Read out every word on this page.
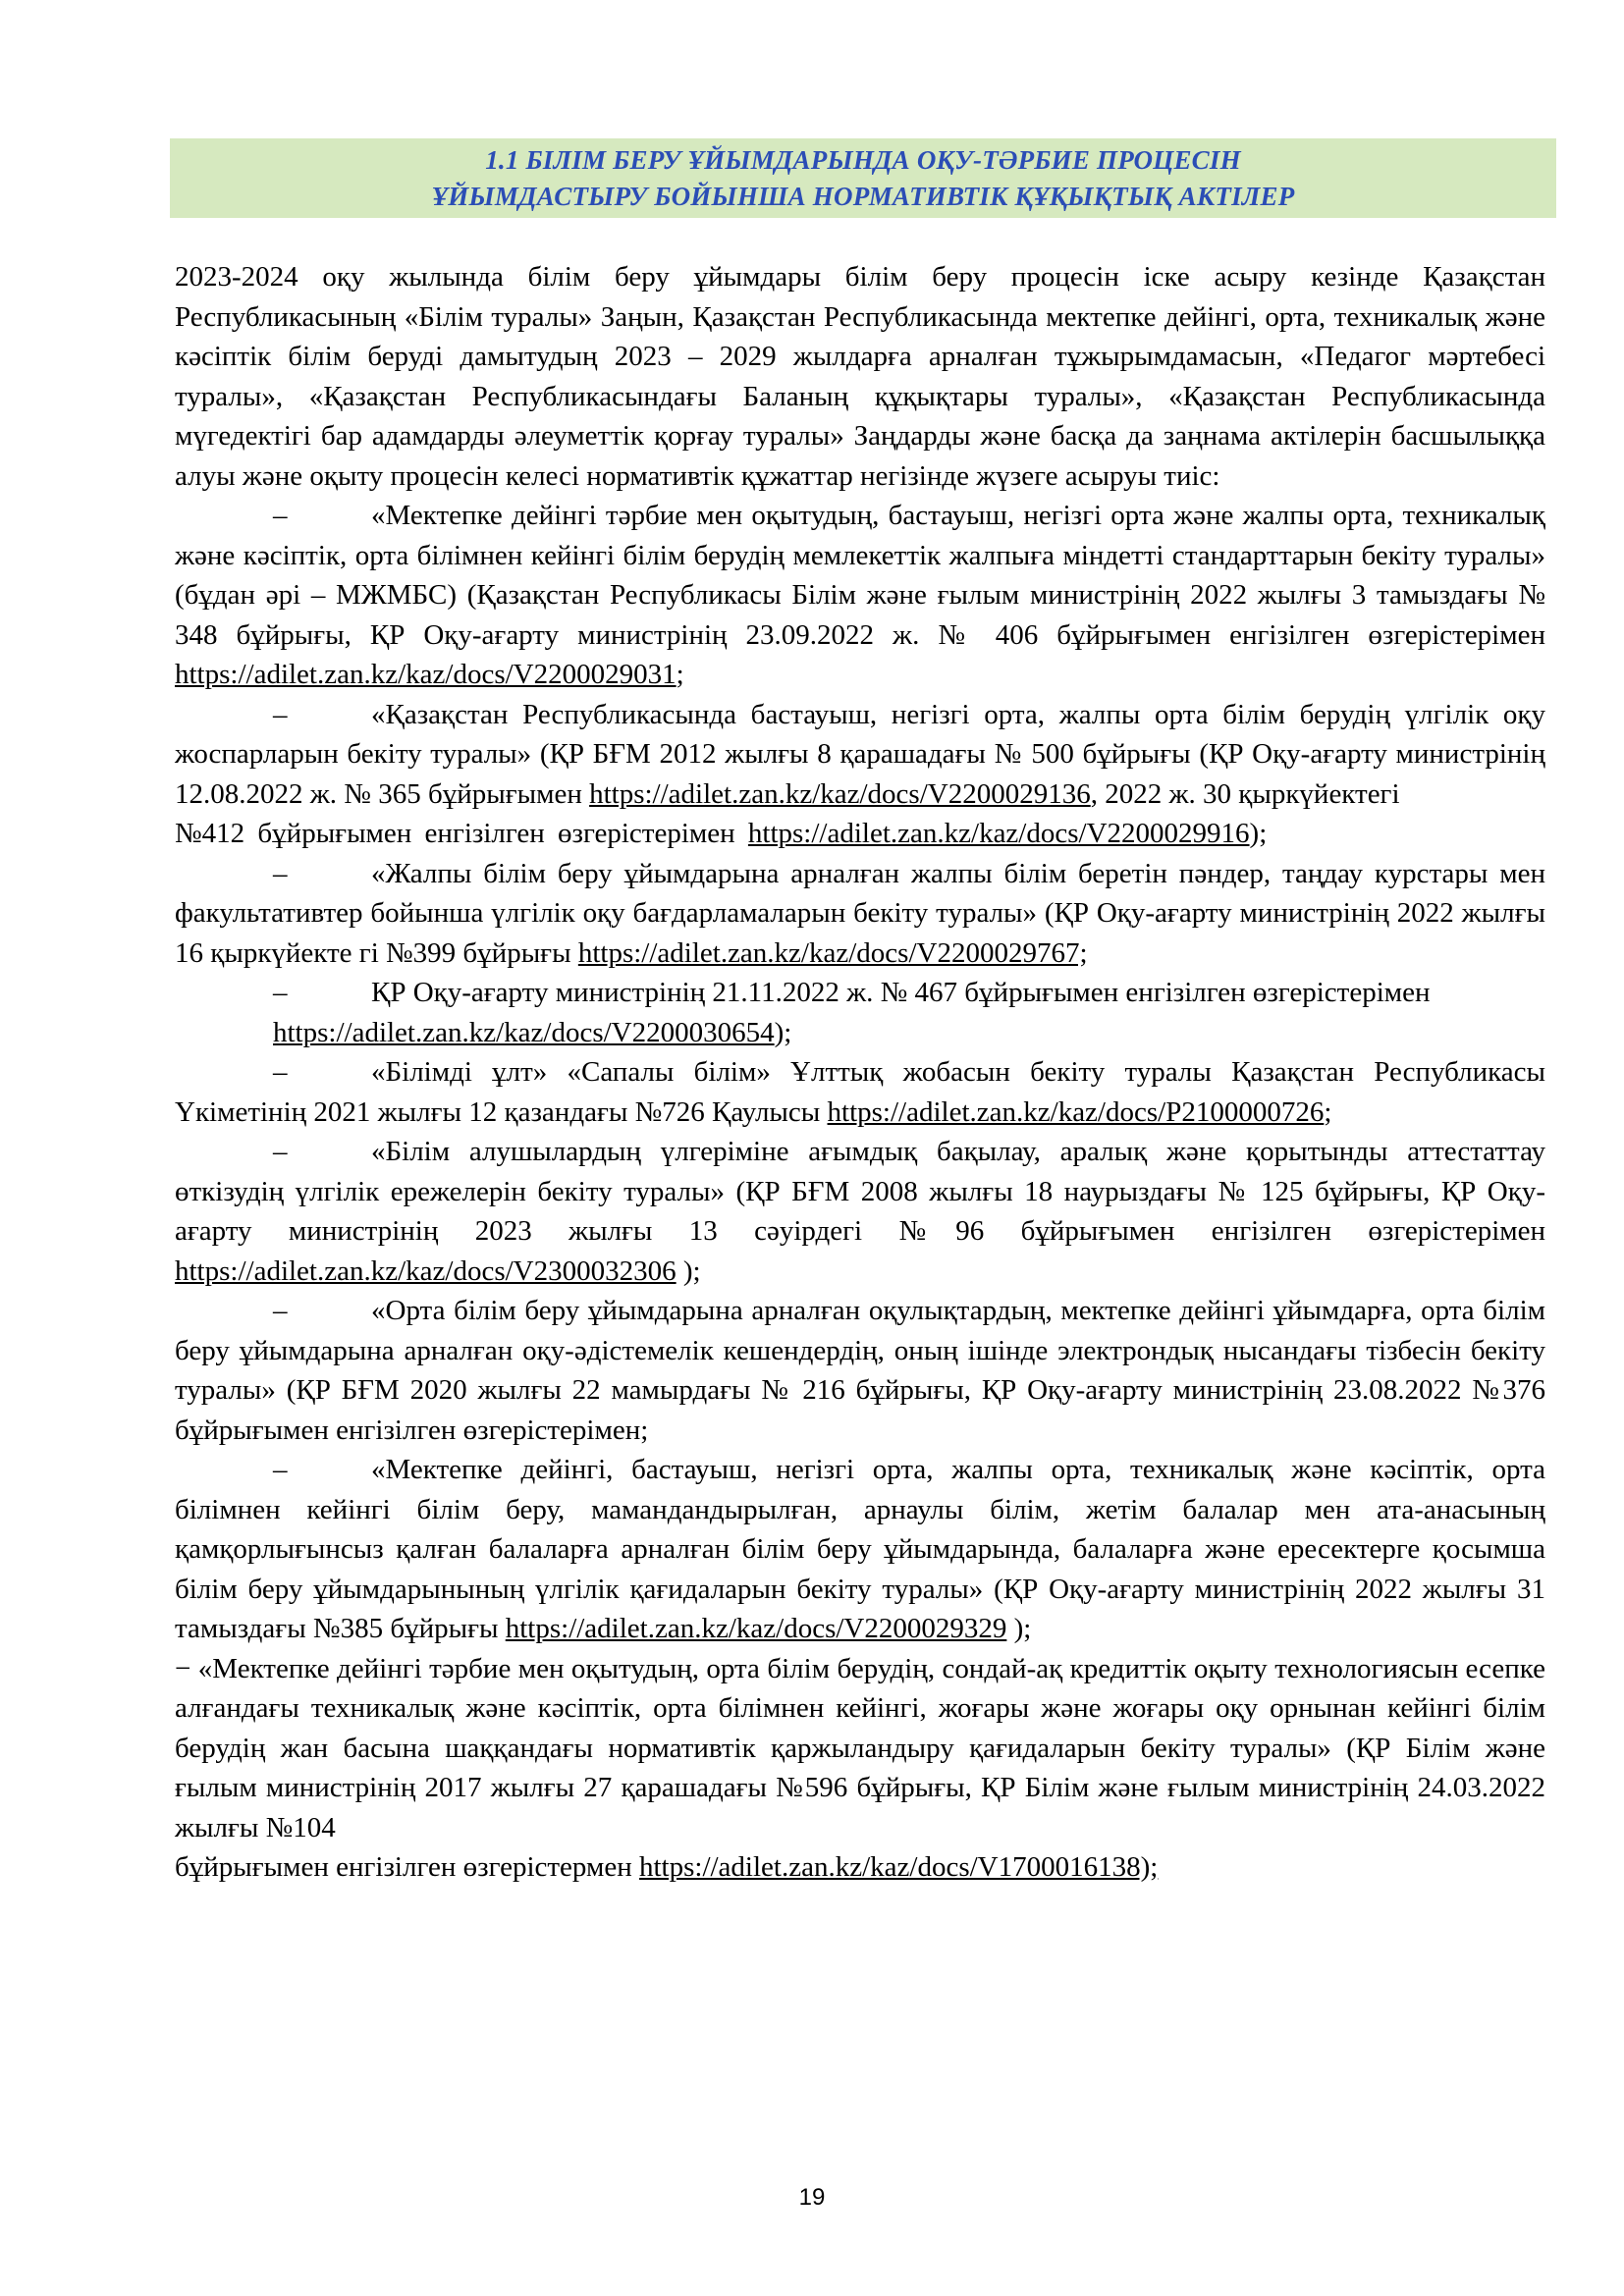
1.1 БІЛІМ БЕРУ ҰЙЫМДАРЫНДА ОҚУ-ТӘРБИЕ ПРОЦЕСІН
ҰЙЫМДАСТЫРУ БОЙЫНША НОРМАТИВТІК ҚҰҚЫҚТЫҚ АКТІЛЕР

2023-2024 оқу жылында білім беру ұйымдары білім беру процесін іске асыру кезінде Қазақстан Республикасының «Білім туралы» Заңын, Қазақстан Республикасында мектепке дейінгі, орта, техникалық және кәсіптік білім беруді дамытудың 2023 – 2029 жылдарға арналған тұжырымдамасын, «Педагог мәртебесі туралы», «Қазақстан Республикасындағы Баланың құқықтары туралы», «Қазақстан Республикасында мүгедектігі бар адамдарды әлеуметтік қорғау туралы» Заңдарды және басқа да заңнама актілерін басшылыққа алуы және оқыту процесін келесі нормативтік құжаттар негізінде жүзеге асыруы тиіс:

–	«Мектепке дейінгі тәрбие мен оқытудың, бастауыш, негізгі орта және жалпы орта, техникалық және кәсіптік, орта білімнен кейінгі білім берудің мемлекеттік жалпыға міндетті стандарттарын бекіту туралы» (бұдан әрі – МЖМБС) (Қазақстан Республикасы Білім және ғылым министрінің 2022 жылғы 3 тамыздағы № 348 бұйрығы, ҚР Оқу-ағарту министрінің 23.09.2022 ж. № 406 бұйрығымен енгізілген өзгерістерімен https://adilet.zan.kz/kaz/docs/V2200029031;

–	«Қазақстан Республикасында бастауыш, негізгі орта, жалпы орта білім берудің үлгілік оқу жоспарларын бекіту туралы» (ҚР БҒМ 2012 жылғы 8 қарашадағы № 500 бұйрығы (ҚР Оқу-ағарту министрінің 12.08.2022 ж. № 365 бұйрығымен https://adilet.zan.kz/kaz/docs/V2200029136, 2022 ж. 30 қыркүйектегі

№412 бұйрығымен енгізілген өзгерістерімен https://adilet.zan.kz/kaz/docs/V2200029916);

–	«Жалпы білім беру ұйымдарына арналған жалпы білім беретін пәндер, таңдау курстары мен факультативтер бойынша үлгілік оқу бағдарламаларын бекіту туралы» (ҚР Оқу-ағарту министрінің 2022 жылғы 16 қыркүйекте гі №399 бұйрығы https://adilet.zan.kz/kaz/docs/V2200029767;

–	ҚР Оқу-ағарту министрінің 21.11.2022 ж. № 467 бұйрығымен енгізілген өзгерістерімен https://adilet.zan.kz/kaz/docs/V2200030654);

–	«Білімді ұлт» «Сапалы білім» Ұлттық жобасын бекіту туралы Қазақстан Республикасы Үкіметінің 2021 жылғы 12 қазандағы №726 Қаулысы https://adilet.zan.kz/kaz/docs/P2100000726;

–	«Білім алушылардың үлгеріміне ағымдық бақылау, аралық және қорытынды аттестаттау өткізудің үлгілік ережелерін бекіту туралы» (ҚР БҒМ 2008 жылғы 18 наурыздағы № 125 бұйрығы, ҚР Оқу-ағарту министрінің 2023 жылғы 13 сәуірдегі №96 бұйрығымен енгізілген өзгерістерімен https://adilet.zan.kz/kaz/docs/V2300032306 );

–	«Орта білім беру ұйымдарына арналған оқулықтардың, мектепке дейінгі ұйымдарға, орта білім беру ұйымдарына арналған оқу-әдістемелік кешендердің, оның ішінде электрондық нысандағы тізбесін бекіту туралы» (ҚР БҒМ 2020 жылғы 22 мамырдағы № 216 бұйрығы, ҚР Оқу-ағарту министрінің 23.08.2022 №376 бұйрығымен енгізілген өзгерістерімен;

–	«Мектепке дейінгі, бастауыш, негізгі орта, жалпы орта, техникалық және кәсіптік, орта білімнен кейінгі білім беру, мамандандырылған, арнаулы білім, жетім балалар мен ата-анасының қамқорлығынсыз қалған балаларға арналған білім беру ұйымдарында, балаларға және ересектерге қосымша білім беру ұйымдарынының үлгілік қағидаларын бекіту туралы» (ҚР Оқу-ағарту министрінің 2022 жылғы 31 тамыздағы №385 бұйрығы https://adilet.zan.kz/kaz/docs/V2200029329 );

− «Мектепке дейінгі тәрбие мен оқытудың, орта білім берудің, сондай-ақ кредиттік оқыту технологиясын есепке алғандағы техникалық және кәсіптік, орта білімнен кейінгі, жоғары және жоғары оқу орнынан кейінгі білім берудің жан басына шаққандағы нормативтік қаржыландыру қағидаларын бекіту туралы» (ҚР Білім және ғылым министрінің 2017 жылғы 27 қарашадағы №596 бұйрығы, ҚР Білім және ғылым министрінің 24.03.2022 жылғы №104

бұйрығымен енгізілген өзгерістермен https://adilet.zan.kz/kaz/docs/V1700016138);

19
